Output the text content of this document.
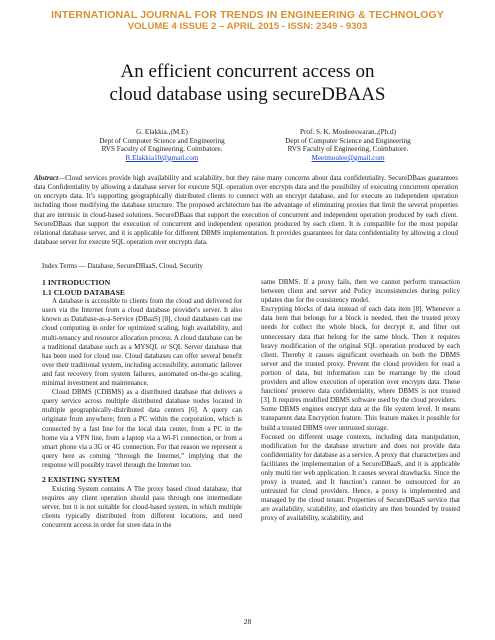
INTERNATIONAL JOURNAL FOR TRENDS IN ENGINEERING & TECHNOLOGY
VOLUME 4 ISSUE 2 – APRIL 2015 - ISSN: 2349 - 9303
An efficient concurrent access on
cloud database using secureDBAAS
G. Elakkia.,(M.E)
Dept of Computer Science and Engineering
RVS Faculty of Engineering, Coimbatore.
R.Elakkia10@gmail.com
Prof. S. K. Mouleeswaran.,(Ph.d)
Dept of Computer Science and Engineering
RVS Faculty of Engineering, Coimbatore.
Meetmoulee@gmail.com
Abstract—Cloud services provide high availability and scalability, but they raise many concerns about data confidentiality. SecureDBaas guarantees data Confidentiality by allowing a database server for execute SQL operation over encrypts data and the possibility of executing concurrent operation on encrypts data. It’s supporting geographically distributed clients to connect with an encrypt database, and for execute an independent operation including those modifying the database structure. The proposed architecture has the advantage of eliminating proxies that limit the several properties that are intrinsic in cloud-based solutions. SecureDBaas that support the execution of concurrent and independent operation produced by each client. SecureDBaas that support the execution of concurrent and independent operation produced by each client. It is compatible for the most popular relational database server, and it is applicable for different DBMS implementation. It provides guarantees for data confidentiality by allowing a cloud database server for execute SQL operation over encrypts data.
Index Terms — Database, SecureDBaaS, Cloud, Security

1 INTRODUCTION

1.1 CLOUD DATABASE

A database is accessible to clients from the cloud and delivered for users via the Internet from a cloud database provider's server. It also known as Database-as-a-Service (DBaaS) [8], cloud databases can use cloud computing in order for optimized scaling, high availability, and multi-tenancy and resource allocation process. A cloud database can be a traditional database such as a MYSQL or SQL Server database that has been used for cloud use. Cloud databases can offer several benefit over their traditional system, including accessibility, automatic failover and fast recovery from system failures, automated on-the-go scaling, minimal investment and maintenance.

Cloud DBMS (CDBMS) as a distributed database that delivers a query service across multiple distributed database nodes located in multiple geographically-distributed data centers [6]. A query can originate from anywhere; from a PC within the corporation, which is connected by a fast line for the local data center, from a PC in the home via a VPN line, from a laptop via a Wi-Fi connection, or from a smart phone via a 3G or 4G connection. For that reason we represent a query here as coming “through the Internet,” implying that the response will possibly travel through the Internet too.

2 EXISTING SYSTEM

Existing System contains A The proxy based cloud database, that requires any client operation should pass through one intermediate server, but it is not suitable for cloud-based system, in which multiple clients typically distributed from different locations, and need concurrent access in order for store data in the

same DBMS. If a proxy fails, then we cannot perform transaction between client and server and Policy inconsistencies during policy updates due for the consistency model.

Encrypting blocks of data instead of each data item [8]. Whenever a data item that belongs for a block is needed, then the trusted proxy needs for collect the whole block, for decrypt it, and filter out unnecessary data that belong for the same block. Then it requires heavy modification of the original SQL operation produced by each client. Thereby it causes significant overheads on both the DBMS server and the trusted proxy. Prevent the cloud providers for read a portion of data, but information can be rearrange by the cloud providers and allow execution of operation over encrypts data. These functions' preserve data confidentiality, where DBMS is not trusted [3]. It requires modified DBMS software used by the cloud providers.

Some DBMS engines encrypt data at the file system level. It means transparent data Encryption feature. This feature makes it possible for build a trusted DBMS over untrusted storage.

Focused on different usage contexts, including data manipulation, modification for the database structure and does not provide data confidentiality for database as a service. A proxy that characterizes and facilitates the implementation of a SecureDBaaS, and it is applicable only multi tier web application. It causes several drawbacks. Since the proxy is trusted, and It function’s cannot be outsourced for an untrusted for cloud providers. Hence, a proxy is implemented and managed by the cloud tenant. Properties of SecureDBaaS service that are availability, scalability, and elasticity are then bounded by trusted proxy of availability, scalability, and

28
